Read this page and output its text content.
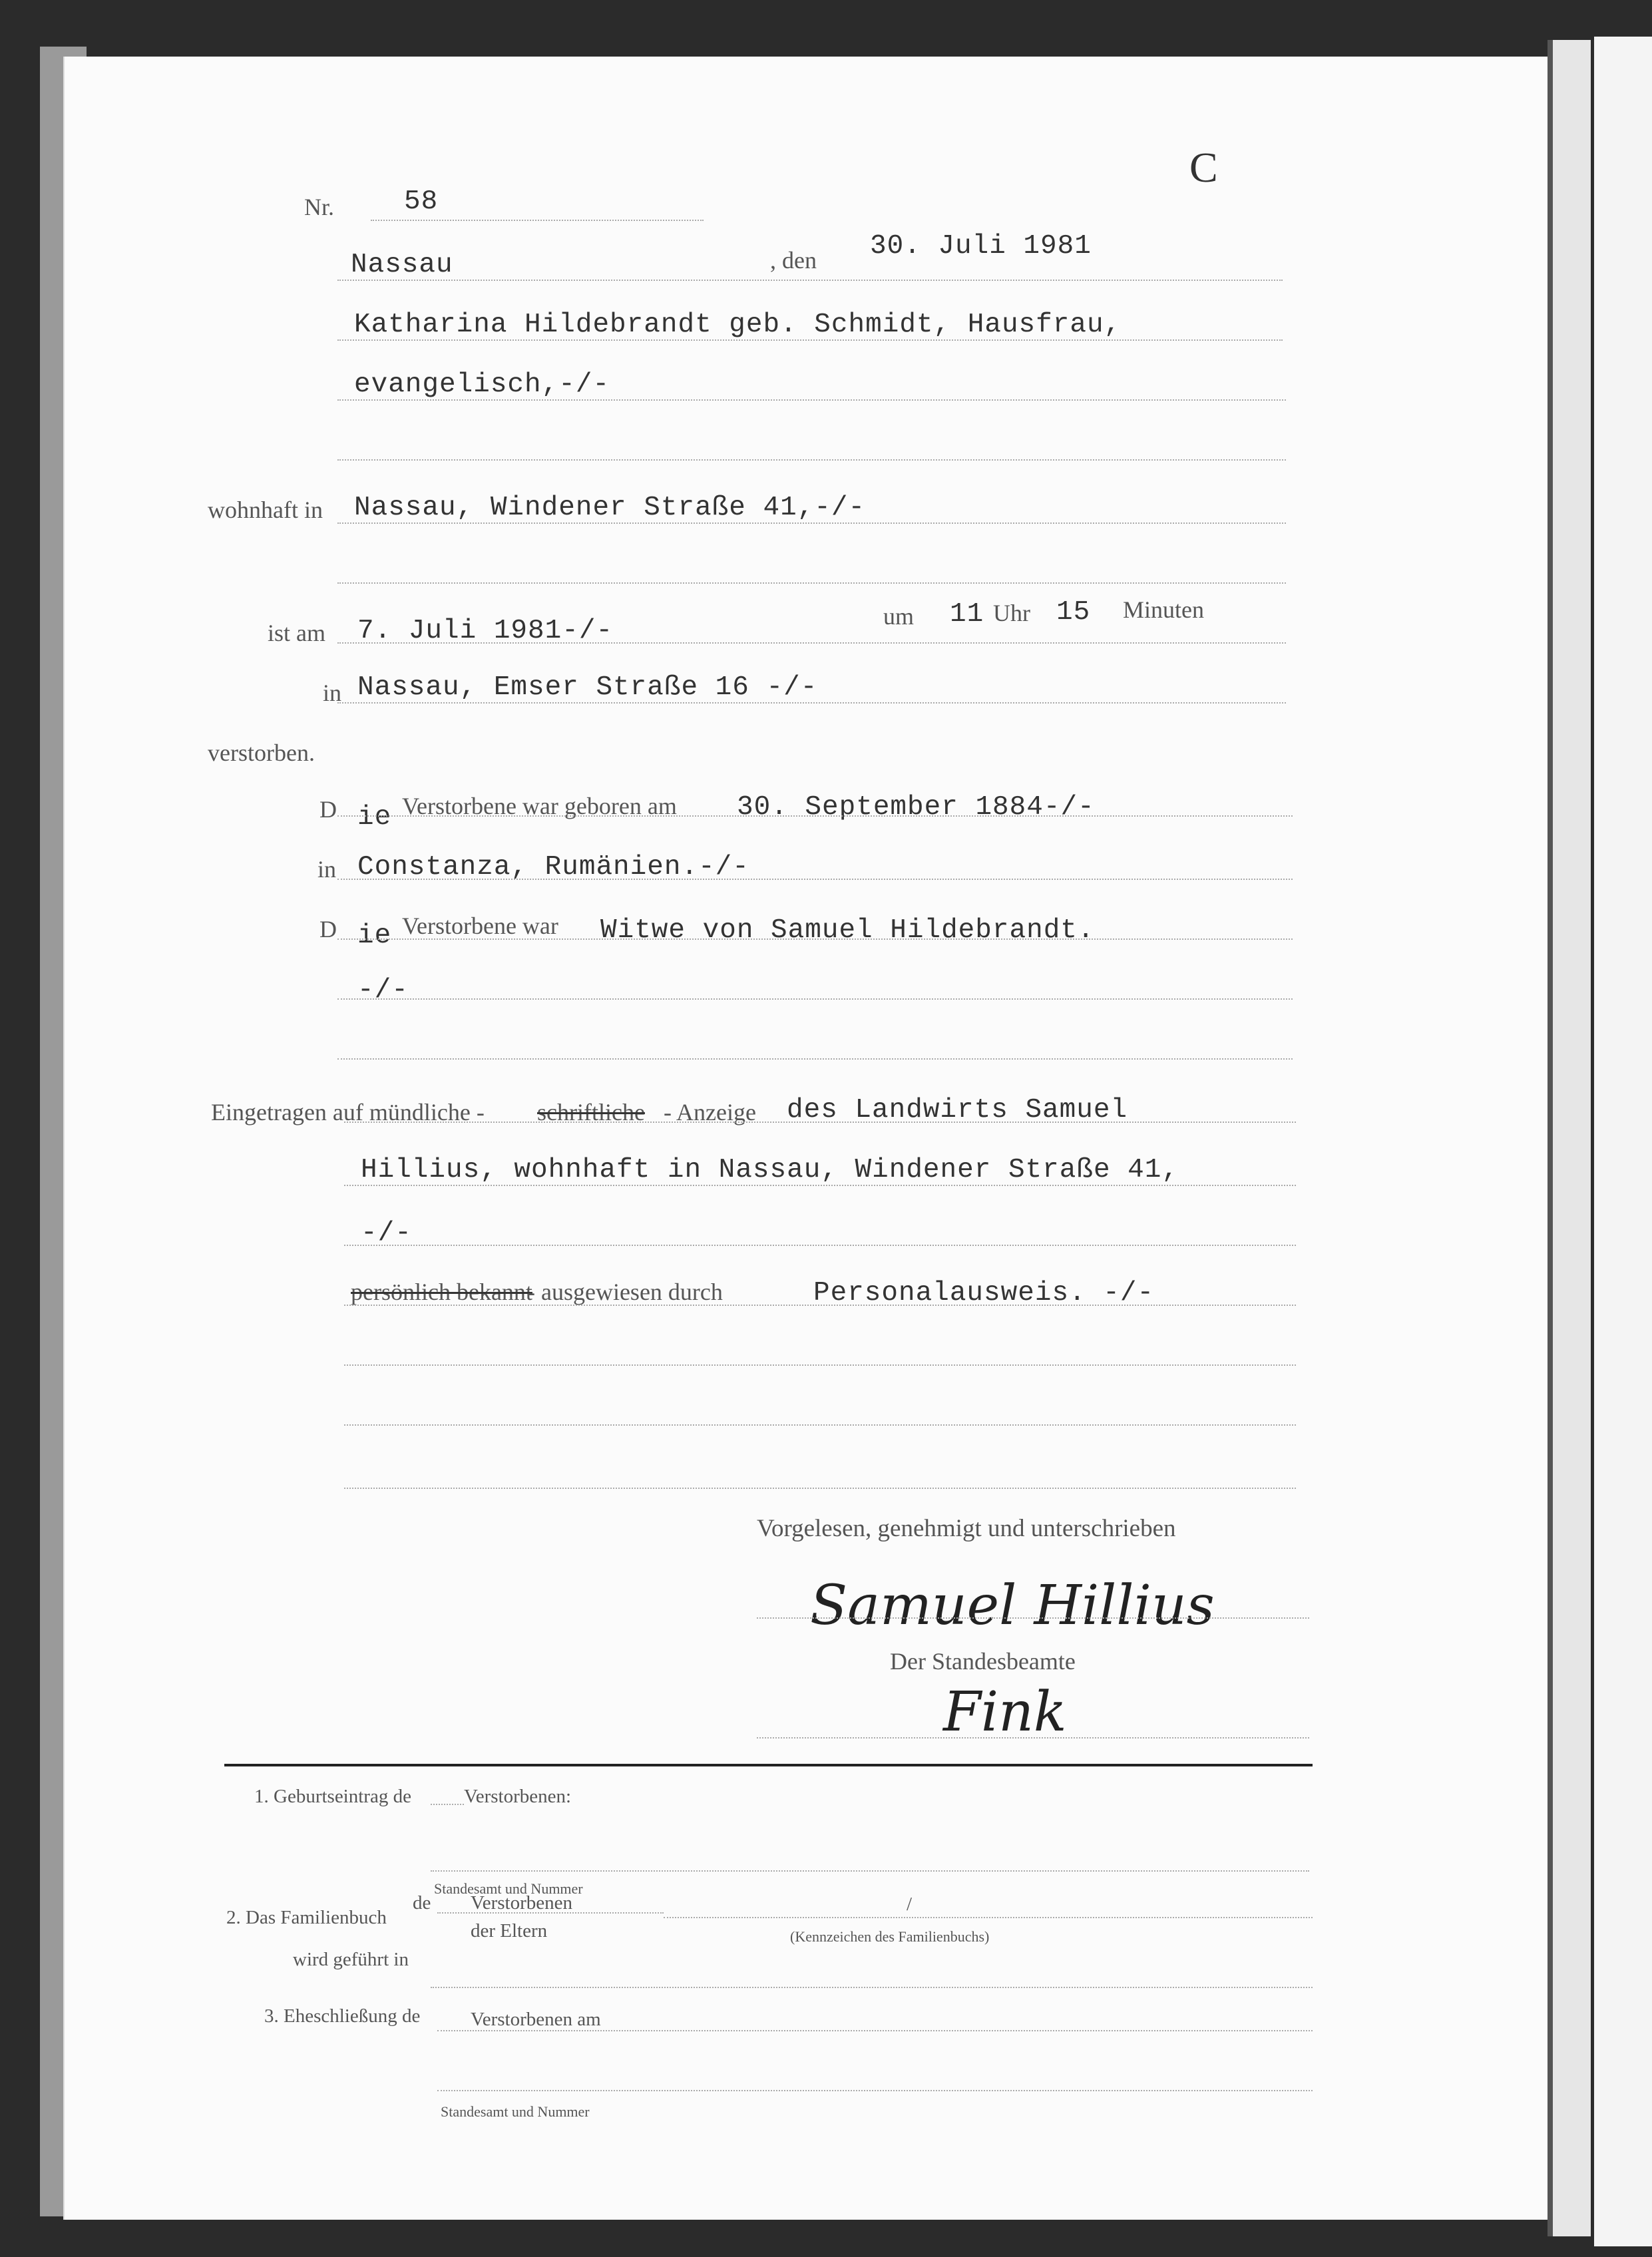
C
Nr.	58
Nassau	, den 30. Juli 1981
Katharina Hildebrandt geb. Schmidt, Hausfrau,
evangelisch,-/-
wohnhaft in Nassau, Windener Straße 41,-/-
ist am 7. Juli 1981-/-	um 11 Uhr 15 Minuten
in Nassau, Emser Straße 16 -/-
verstorben.
D ie Verstorbene war geboren am 30. September 1884-/-
in Constanza, Rumänien.-/-
D ie Verstorbene war Witwe von Samuel Hildebrandt.
-/-
Eingetragen auf mündliche - schriftliche - Anzeige des Landwirts Samuel
Hillius, wohnhaft in Nassau, Windener Straße 41,
-/-
persönlich bekannt
- ausgewiesen durch	Personalausweis. -/-
Vorgelesen, genehmigt und unterschrieben
Samuel Hillius
Der Standesbeamte
Fink
1. Geburtseintrag de	Verstorbenen:
Standesamt und Nummer
2. Das Familienbuch
de Verstorbenen
der Eltern
/
(Kennzeichen des Familienbuchs)
wird geführt in
3. Eheschließung de	Verstorbenen am
Standesamt und Nummer
